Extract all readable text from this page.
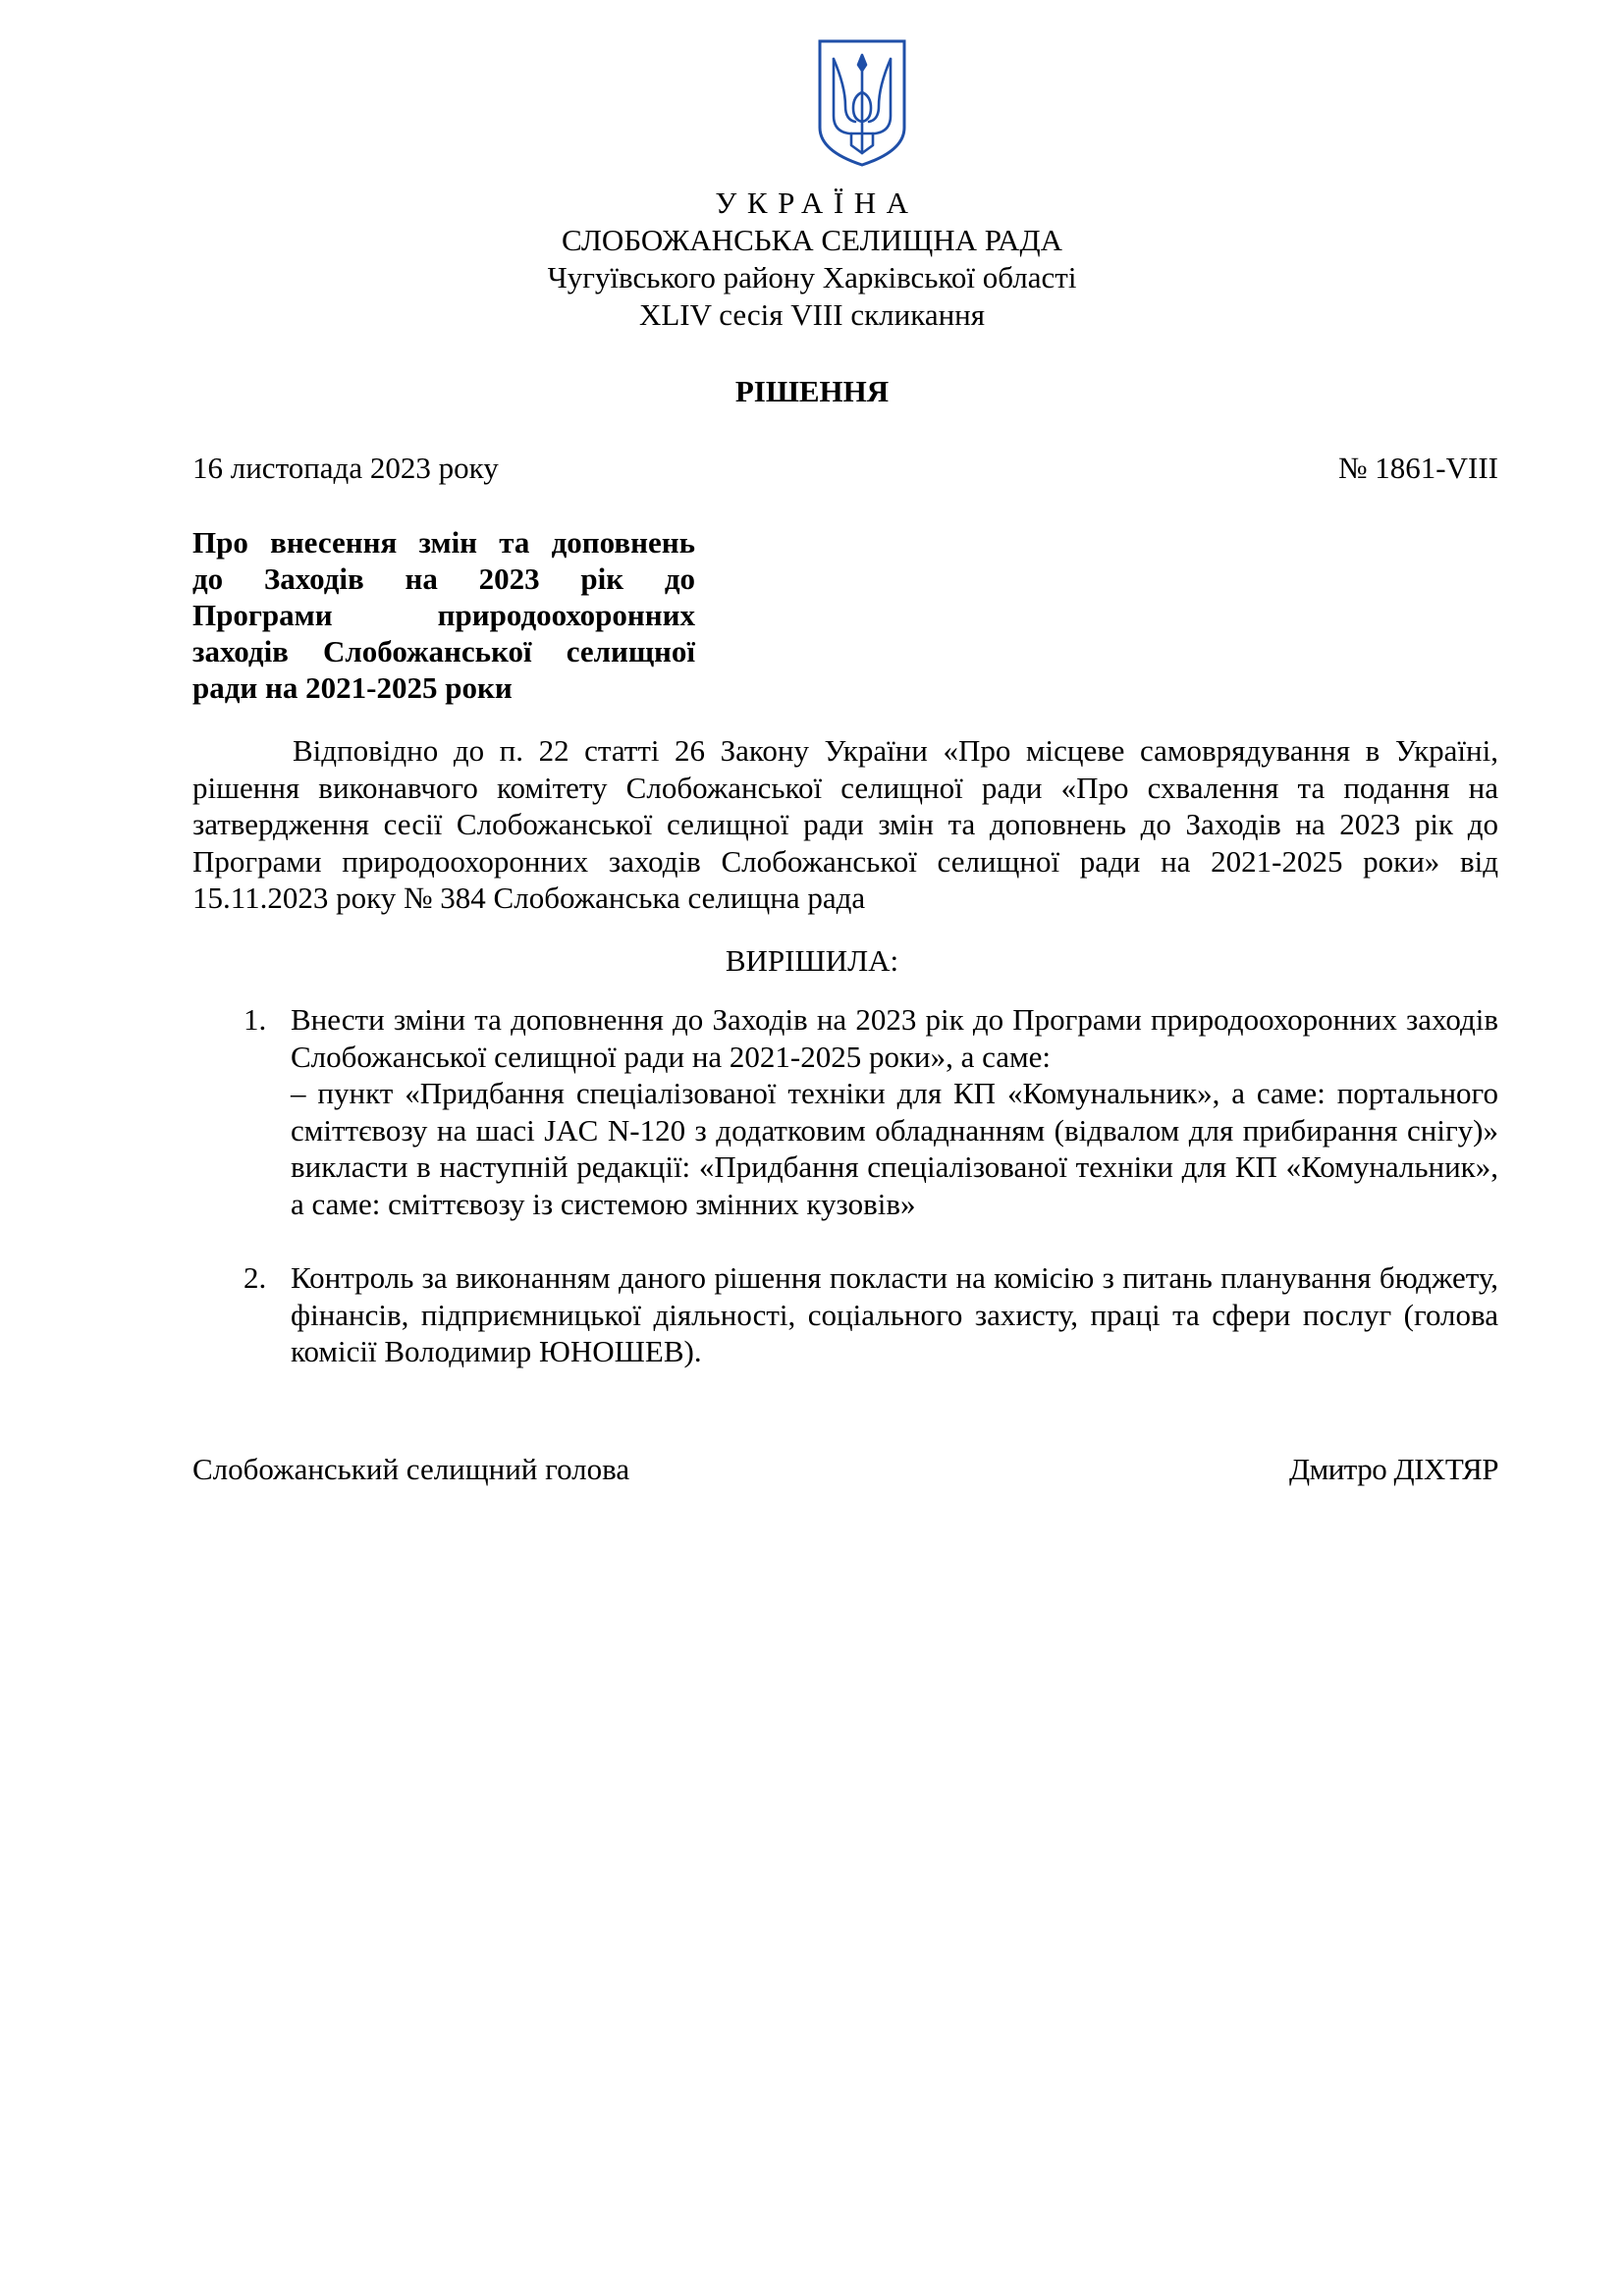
УКРАЇНА
СЛОБОЖАНСЬКА СЕЛИЩНА РАДА
Чугуївського району Харківської області
XLIV сесія VIII скликання
РІШЕННЯ
16 листопада 2023 року	№ 1861-VIII
Про внесення змін та доповнень
до Заходів на 2023 рік до
Програми природоохоронних
заходів Слобожанської селищної
ради на 2021-2025 роки
Відповідно до п. 22 статті 26 Закону України «Про місцеве самоврядування в Україні, рішення виконавчого комітету Слобожанської селищної ради «Про схвалення та подання на затвердження сесії Слобожанської селищної ради змін та доповнень до Заходів на 2023 рік до Програми природоохоронних заходів Слобожанської селищної ради на 2021-2025 роки» від 15.11.2023 року № 384 Слобожанська селищна рада
ВИРІШИЛА:
1. Внести зміни та доповнення до Заходів на 2023 рік до Програми природоохоронних заходів Слобожанської селищної ради на 2021-2025 роки», а саме:
– пункт «Придбання спеціалізованої техніки для КП «Комунальник», а саме: портального сміттєвозу на шасі JAC N-120 з додатковим обладнанням (відвалом для прибирання снігу)» викласти в наступній редакції: «Придбання спеціалізованої техніки для КП «Комунальник», а саме: сміттєвозу із системою змінних кузовів»
2. Контроль за виконанням даного рішення покласти на комісію з питань планування бюджету, фінансів, підприємницької діяльності, соціального захисту, праці та сфери послуг (голова комісії Володимир ЮНОШЕВ).
Слобожанський селищний голова	Дмитро ДІХТЯР
